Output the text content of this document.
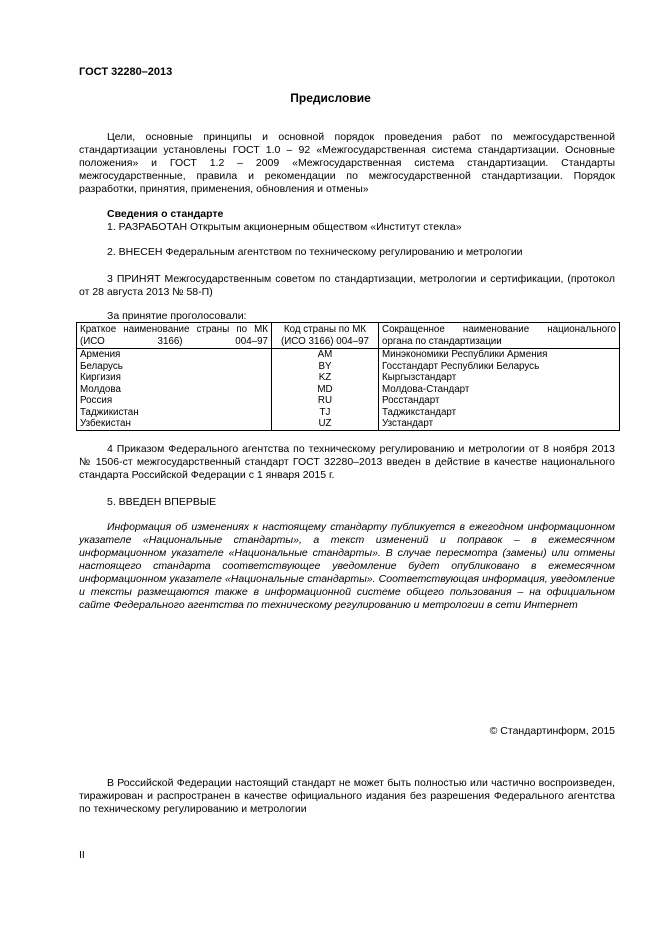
ГОСТ 32280–2013
Предисловие
Цели, основные принципы и основной порядок проведения работ по межгосударственной стандартизации установлены ГОСТ 1.0 – 92 «Межгосударственная система стандартизации. Основные положения» и ГОСТ 1.2 – 2009 «Межгосударственная система стандартизации. Стандарты межгосударственные, правила и рекомендации по межгосударственной стандартизации. Порядок разработки, принятия, применения, обновления и отмены»
Сведения о стандарте
1. РАЗРАБОТАН Открытым акционерным обществом «Институт стекла»
2. ВНЕСЕН Федеральным агентством по техническому регулированию и метрологии
3 ПРИНЯТ Межгосударственным советом по стандартизации, метрологии и сертификации, (протокол от 28 августа 2013 № 58-П)
За принятие проголосовали:
Краткое наименование страны по МК (ИСО 3166) 004–97	Код страны по МК (ИСО 3166) 004–97	Сокращенное наименование национального органа по стандартизации
Армения	AM	Минэкономики Республики Армения
Беларусь	BY	Госстандарт Республики Беларусь
Киргизия	KZ	Кыргызстандарт
Молдова	MD	Молдова-Стандарт
Россия	RU	Росстандарт
Таджикистан	TJ	Таджикстандарт
Узбекистан	UZ	Узстандарт
4 Приказом Федерального агентства по техническому регулированию и метрологии от 8 ноября 2013 № 1506-ст межгосударственный стандарт ГОСТ 32280–2013 введен в действие в качестве национального стандарта Российской Федерации с 1 января 2015 г.
5. ВВЕДЕН ВПЕРВЫЕ
Информация об изменениях к настоящему стандарту публикуется в ежегодном информационном указателе «Национальные стандарты», а текст изменений и поправок – в ежемесячном информационном указателе «Национальные стандарты». В случае пересмотра (замены) или отмены настоящего стандарта соответствующее уведомление будет опубликовано в ежемесячном информационном указателе «Национальные стандарты». Соответствующая информация, уведомление и тексты размещаются также в информационной системе общего пользования – на официальном сайте Федерального агентства по техническому регулированию и метрологии в сети Интернет
© Стандартинформ, 2015
В Российской Федерации настоящий стандарт не может быть полностью или частично воспроизведен, тиражирован и распространен в качестве официального издания без разрешения Федерального агентства по техническому регулированию и метрологии
II
